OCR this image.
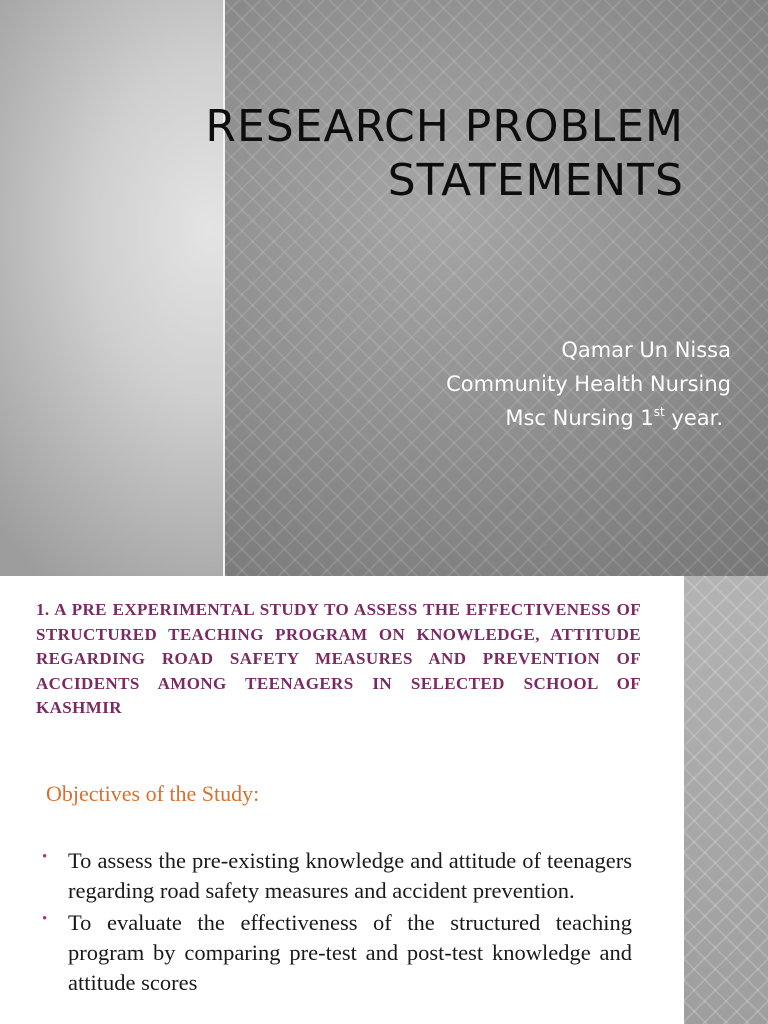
RESEARCH PROBLEM
STATEMENTS
Qamar Un Nissa
Community Health Nursing
Msc Nursing 1st year.
1. A PRE EXPERIMENTAL STUDY TO ASSESS THE EFFECTIVENESS OF STRUCTURED TEACHING PROGRAM ON KNOWLEDGE, ATTITUDE REGARDING ROAD SAFETY MEASURES AND PREVENTION OF ACCIDENTS AMONG TEENAGERS IN SELECTED SCHOOL OF KASHMIR
Objectives of the Study:
• To assess the pre-existing knowledge and attitude of teenagers regarding road safety measures and accident prevention.
• To evaluate the effectiveness of the structured teaching program by comparing pre-test and post-test knowledge and attitude scores
